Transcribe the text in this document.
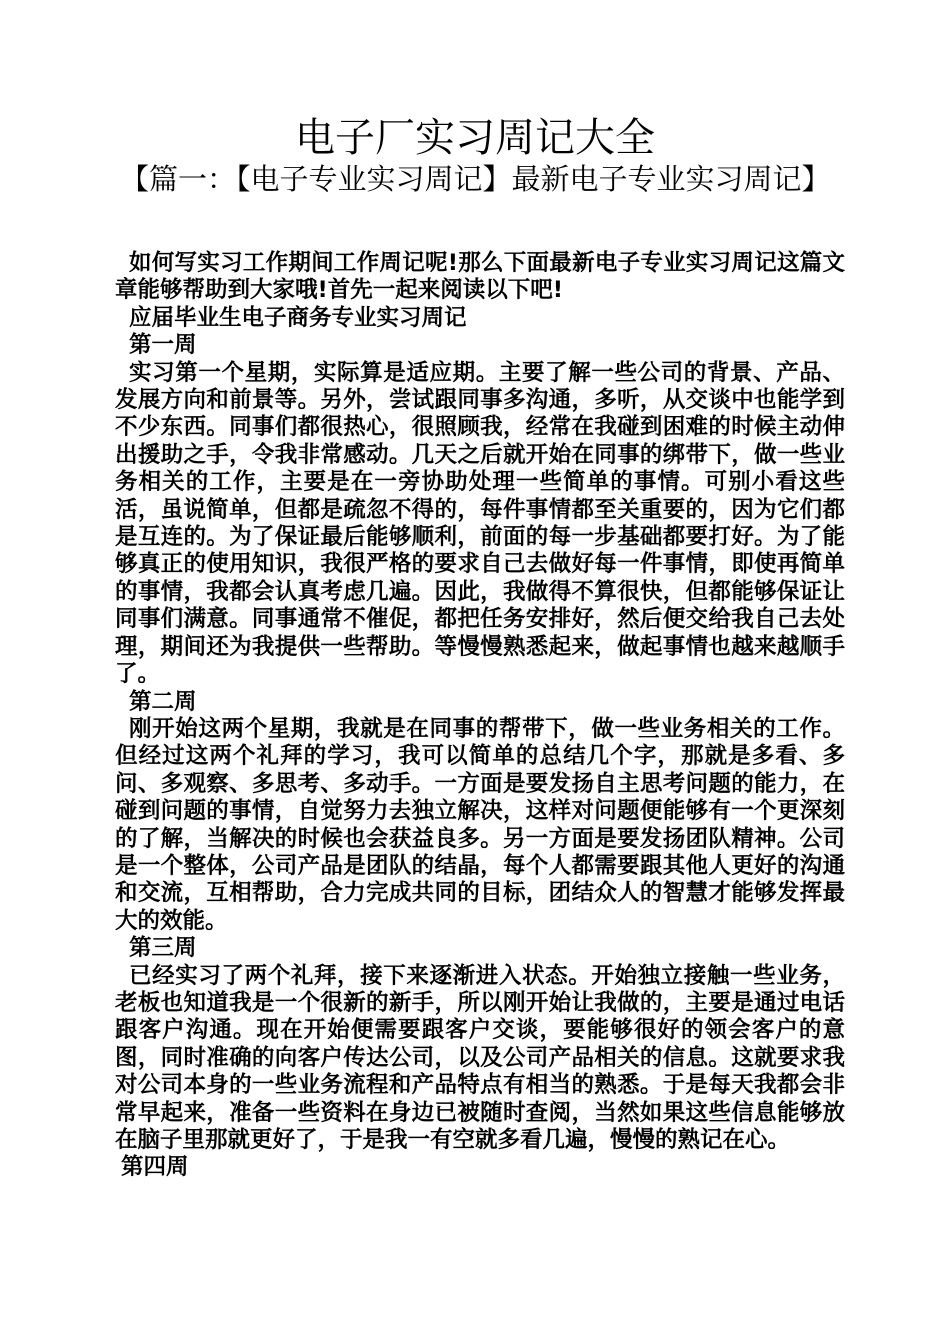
电子厂实习周记大全
【篇一：【电子专业实习周记】最新电子专业实习周记】

如何写实习工作期间工作周记呢!那么下面最新电子专业实习周记这篇文章能够帮助到大家哦!首先一起来阅读以下吧!

应届毕业生电子商务专业实习周记

第一周

实习第一个星期，实际算是适应期。主要了解一些公司的背景、产品、发展方向和前景等。另外，尝试跟同事多沟通，多听，从交谈中也能学到不少东西。同事们都很热心，很照顾我，经常在我碰到困难的时候主动伸出援助之手，令我非常感动。几天之后就开始在同事的绑带下，做一些业务相关的工作，主要是在一旁协助处理一些简单的事情。可别小看这些活，虽说简单，但都是疏忽不得的，每件事情都至关重要的，因为它们都是互连的。为了保证最后能够顺利，前面的每一步基础都要打好。为了能够真正的使用知识，我很严格的要求自己去做好每一件事情，即使再简单的事情，我都会认真考虑几遍。因此，我做得不算很快，但都能够保证让同事们满意。同事通常不催促，都把任务安排好，然后便交给我自己去处理，期间还为我提供一些帮助。等慢慢熟悉起来，做起事情也越来越顺手了。

第二周

刚开始这两个星期，我就是在同事的帮带下，做一些业务相关的工作。但经过这两个礼拜的学习，我可以简单的总结几个字，那就是多看、多问、多观察、多思考、多动手。一方面是要发扬自主思考问题的能力，在碰到问题的事情，自觉努力去独立解决，这样对问题便能够有一个更深刻的了解，当解决的时候也会获益良多。另一方面是要发扬团队精神。公司是一个整体，公司产品是团队的结晶，每个人都需要跟其他人更好的沟通和交流，互相帮助，合力完成共同的目标，团结众人的智慧才能够发挥最大的效能。

第三周

已经实习了两个礼拜，接下来逐渐进入状态。开始独立接触一些业务，老板也知道我是一个很新的新手，所以刚开始让我做的，主要是通过电话跟客户沟通。现在开始便需要跟客户交谈，要能够很好的领会客户的意图，同时准确的向客户传达公司，以及公司产品相关的信息。这就要求我对公司本身的一些业务流程和产品特点有相当的熟悉。于是每天我都会非常早起来，准备一些资料在身边已被随时查阅，当然如果这些信息能够放在脑子里那就更好了，于是我一有空就多看几遍，慢慢的熟记在心。

第四周
